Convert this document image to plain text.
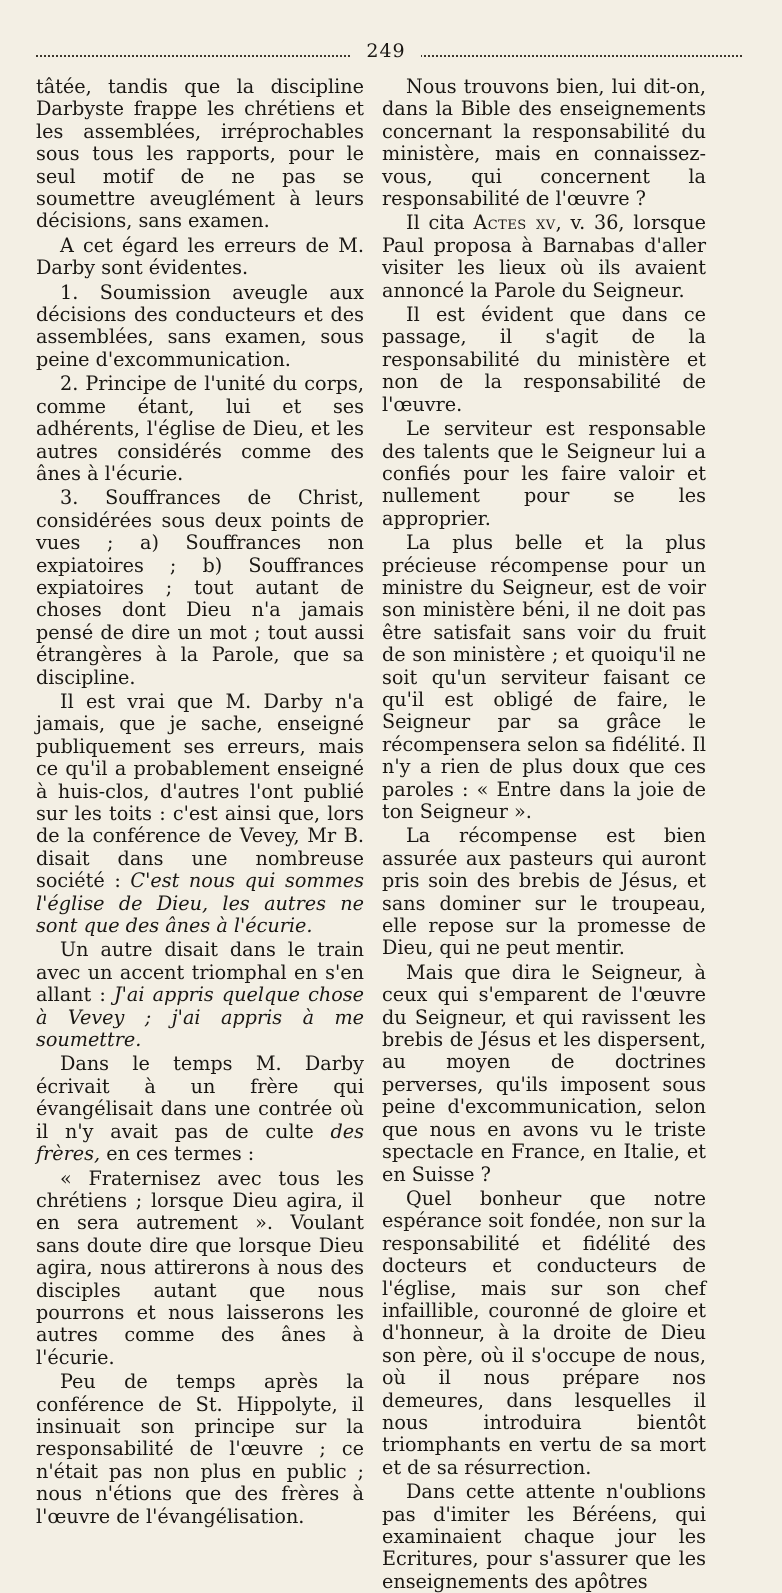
249

tâtée, tandis que la discipline Darbyste frappe les chrétiens et les assemblées, irréprochables sous tous les rapports, pour le seul motif de ne pas se soumettre aveuglément à leurs décisions, sans examen.

A cet égard les erreurs de M. Darby sont évidentes.

1. Soumission aveugle aux décisions des conducteurs et des assemblées, sans examen, sous peine d'excommunication.

2. Principe de l'unité du corps, comme étant, lui et ses adhérents, l'église de Dieu, et les autres considérés comme des ânes à l'écurie.

3. Souffrances de Christ, considérées sous deux points de vues ; a) Souffrances non expiatoires ; b) Souffrances expiatoires ; tout autant de choses dont Dieu n'a jamais pensé de dire un mot ; tout aussi étrangères à la Parole, que sa discipline.

Il est vrai que M. Darby n'a jamais, que je sache, enseigné publiquement ses erreurs, mais ce qu'il a probablement enseigné à huis-clos, d'autres l'ont publié sur les toits : c'est ainsi que, lors de la conférence de Vevey, Mr B. disait dans une nombreuse société : C'est nous qui sommes l'église de Dieu, les autres ne sont que des ânes à l'écurie.

Un autre disait dans le train avec un accent triomphal en s'en allant : J'ai appris quelque chose à Vevey ; j'ai appris à me soumettre.

Dans le temps M. Darby écrivait à un frère qui évangélisait dans une contrée où il n'y avait pas de culte des frères, en ces termes :

« Fraternisez avec tous les chrétiens ; lorsque Dieu agira, il en sera autrement ». Voulant sans doute dire que lorsque Dieu agira, nous attirerons à nous des disciples autant que nous pourrons et nous laisserons les autres comme des ânes à l'écurie.

Peu de temps après la conférence de St. Hippolyte, il insinuait son principe sur la responsabilité de l'œuvre ; ce n'était pas non plus en public ; nous n'étions que des frères à l'œuvre de l'évangélisation.

Nous trouvons bien, lui dit-on, dans la Bible des enseignements concernant la responsabilité du ministère, mais en connaissez-vous, qui concernent la responsabilité de l'œuvre ?

Il cita Actes xv, v. 36, lorsque Paul proposa à Barnabas d'aller visiter les lieux où ils avaient annoncé la Parole du Seigneur.

Il est évident que dans ce passage, il s'agit de la responsabilité du ministère et non de la responsabilité de l'œuvre.

Le serviteur est responsable des talents que le Seigneur lui a confiés pour les faire valoir et nullement pour se les approprier.

La plus belle et la plus précieuse récompense pour un ministre du Seigneur, est de voir son ministère béni, il ne doit pas être satisfait sans voir du fruit de son ministère ; et quoiqu'il ne soit qu'un serviteur faisant ce qu'il est obligé de faire, le Seigneur par sa grâce le récompensera selon sa fidélité. Il n'y a rien de plus doux que ces paroles : « Entre dans la joie de ton Seigneur ».

La récompense est bien assurée aux pasteurs qui auront pris soin des brebis de Jésus, et sans dominer sur le troupeau, elle repose sur la promesse de Dieu, qui ne peut mentir.

Mais que dira le Seigneur, à ceux qui s'emparent de l'œuvre du Seigneur, et qui ravissent les brebis de Jésus et les dispersent, au moyen de doctrines perverses, qu'ils imposent sous peine d'excommunication, selon que nous en avons vu le triste spectacle en France, en Italie, et en Suisse ?

Quel bonheur que notre espérance soit fondée, non sur la responsabilité et fidélité des docteurs et conducteurs de l'église, mais sur son chef infaillible, couronné de gloire et d'honneur, à la droite de Dieu son père, où il s'occupe de nous, où il nous prépare nos demeures, dans lesquelles il nous introduira bientôt triomphants en vertu de sa mort et de sa résurrection.

Dans cette attente n'oublions pas d'imiter les Béréens, qui examinaient chaque jour les Ecritures, pour s'assurer que les enseignements des apôtres
